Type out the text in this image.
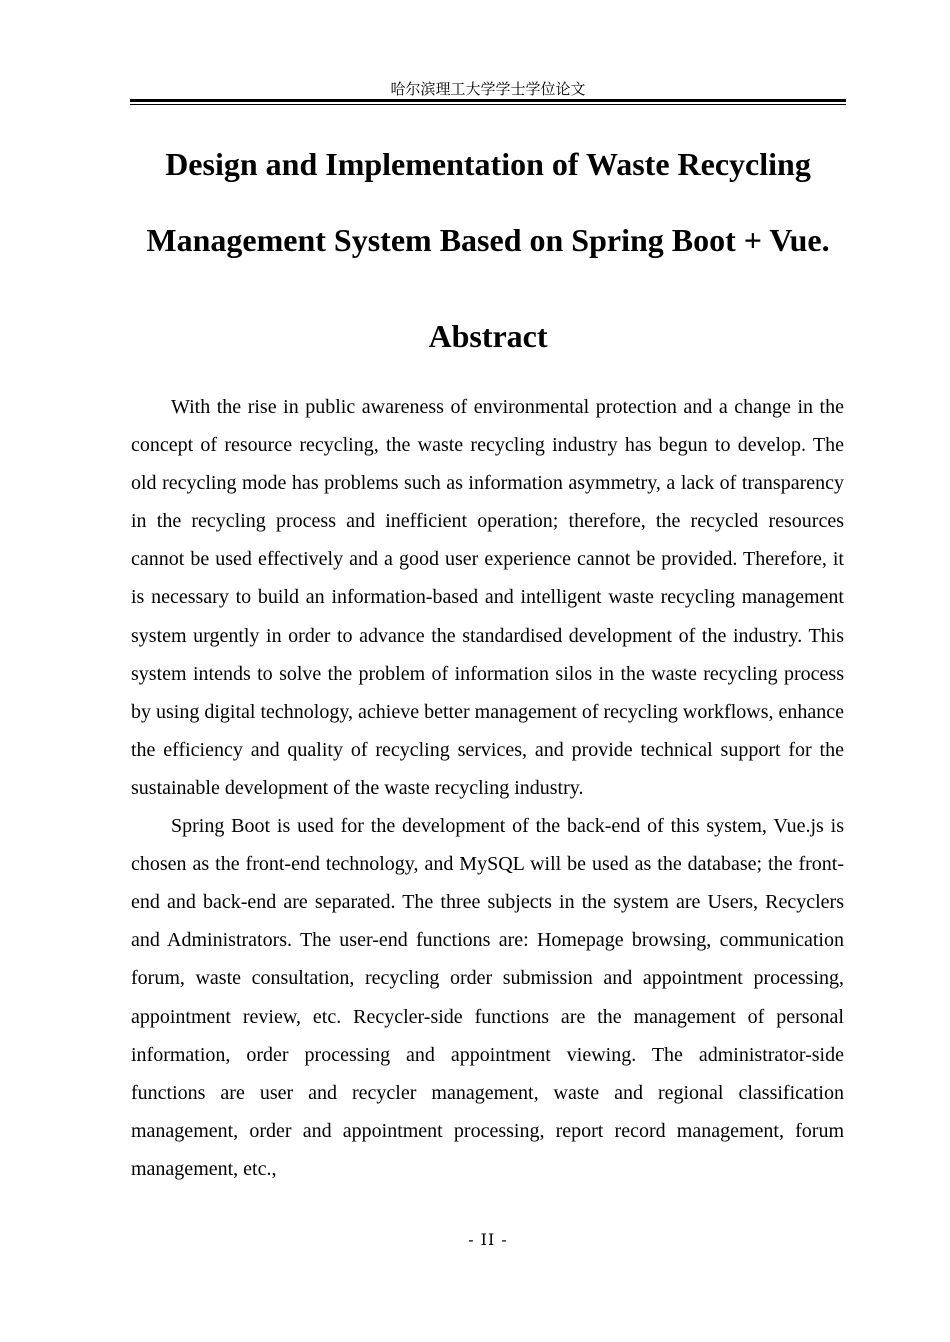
哈尔滨理工大学学士学位论文
Design and Implementation of Waste Recycling
Management System Based on Spring Boot + Vue.
Abstract

With the rise in public awareness of environmental protection and a change in the concept of resource recycling, the waste recycling industry has begun to develop. The old recycling mode has problems such as information asymmetry, a lack of transparency in the recycling process and inefficient operation; therefore, the recycled resources cannot be used effectively and a good user experience cannot be provided. Therefore, it is necessary to build an information-based and intelligent waste recycling management system urgently in order to advance the standardised development of the industry. This system intends to solve the problem of information silos in the waste recycling process by using digital technology, achieve better management of recycling workflows, enhance the efficiency and quality of recycling services, and provide technical support for the sustainable development of the waste recycling industry.

Spring Boot is used for the development of the back-end of this system, Vue.js is chosen as the front-end technology, and MySQL will be used as the database; the front-end and back-end are separated. The three subjects in the system are Users, Recyclers and Administrators. The user-end functions are: Homepage browsing, communication forum, waste consultation, recycling order submission and appointment processing, appointment review, etc. Recycler-side functions are the management of personal information, order processing and appointment viewing. The administrator-side functions are user and recycler management, waste and regional classification management, order and appointment processing, report record management, forum management, etc.,

- II -
